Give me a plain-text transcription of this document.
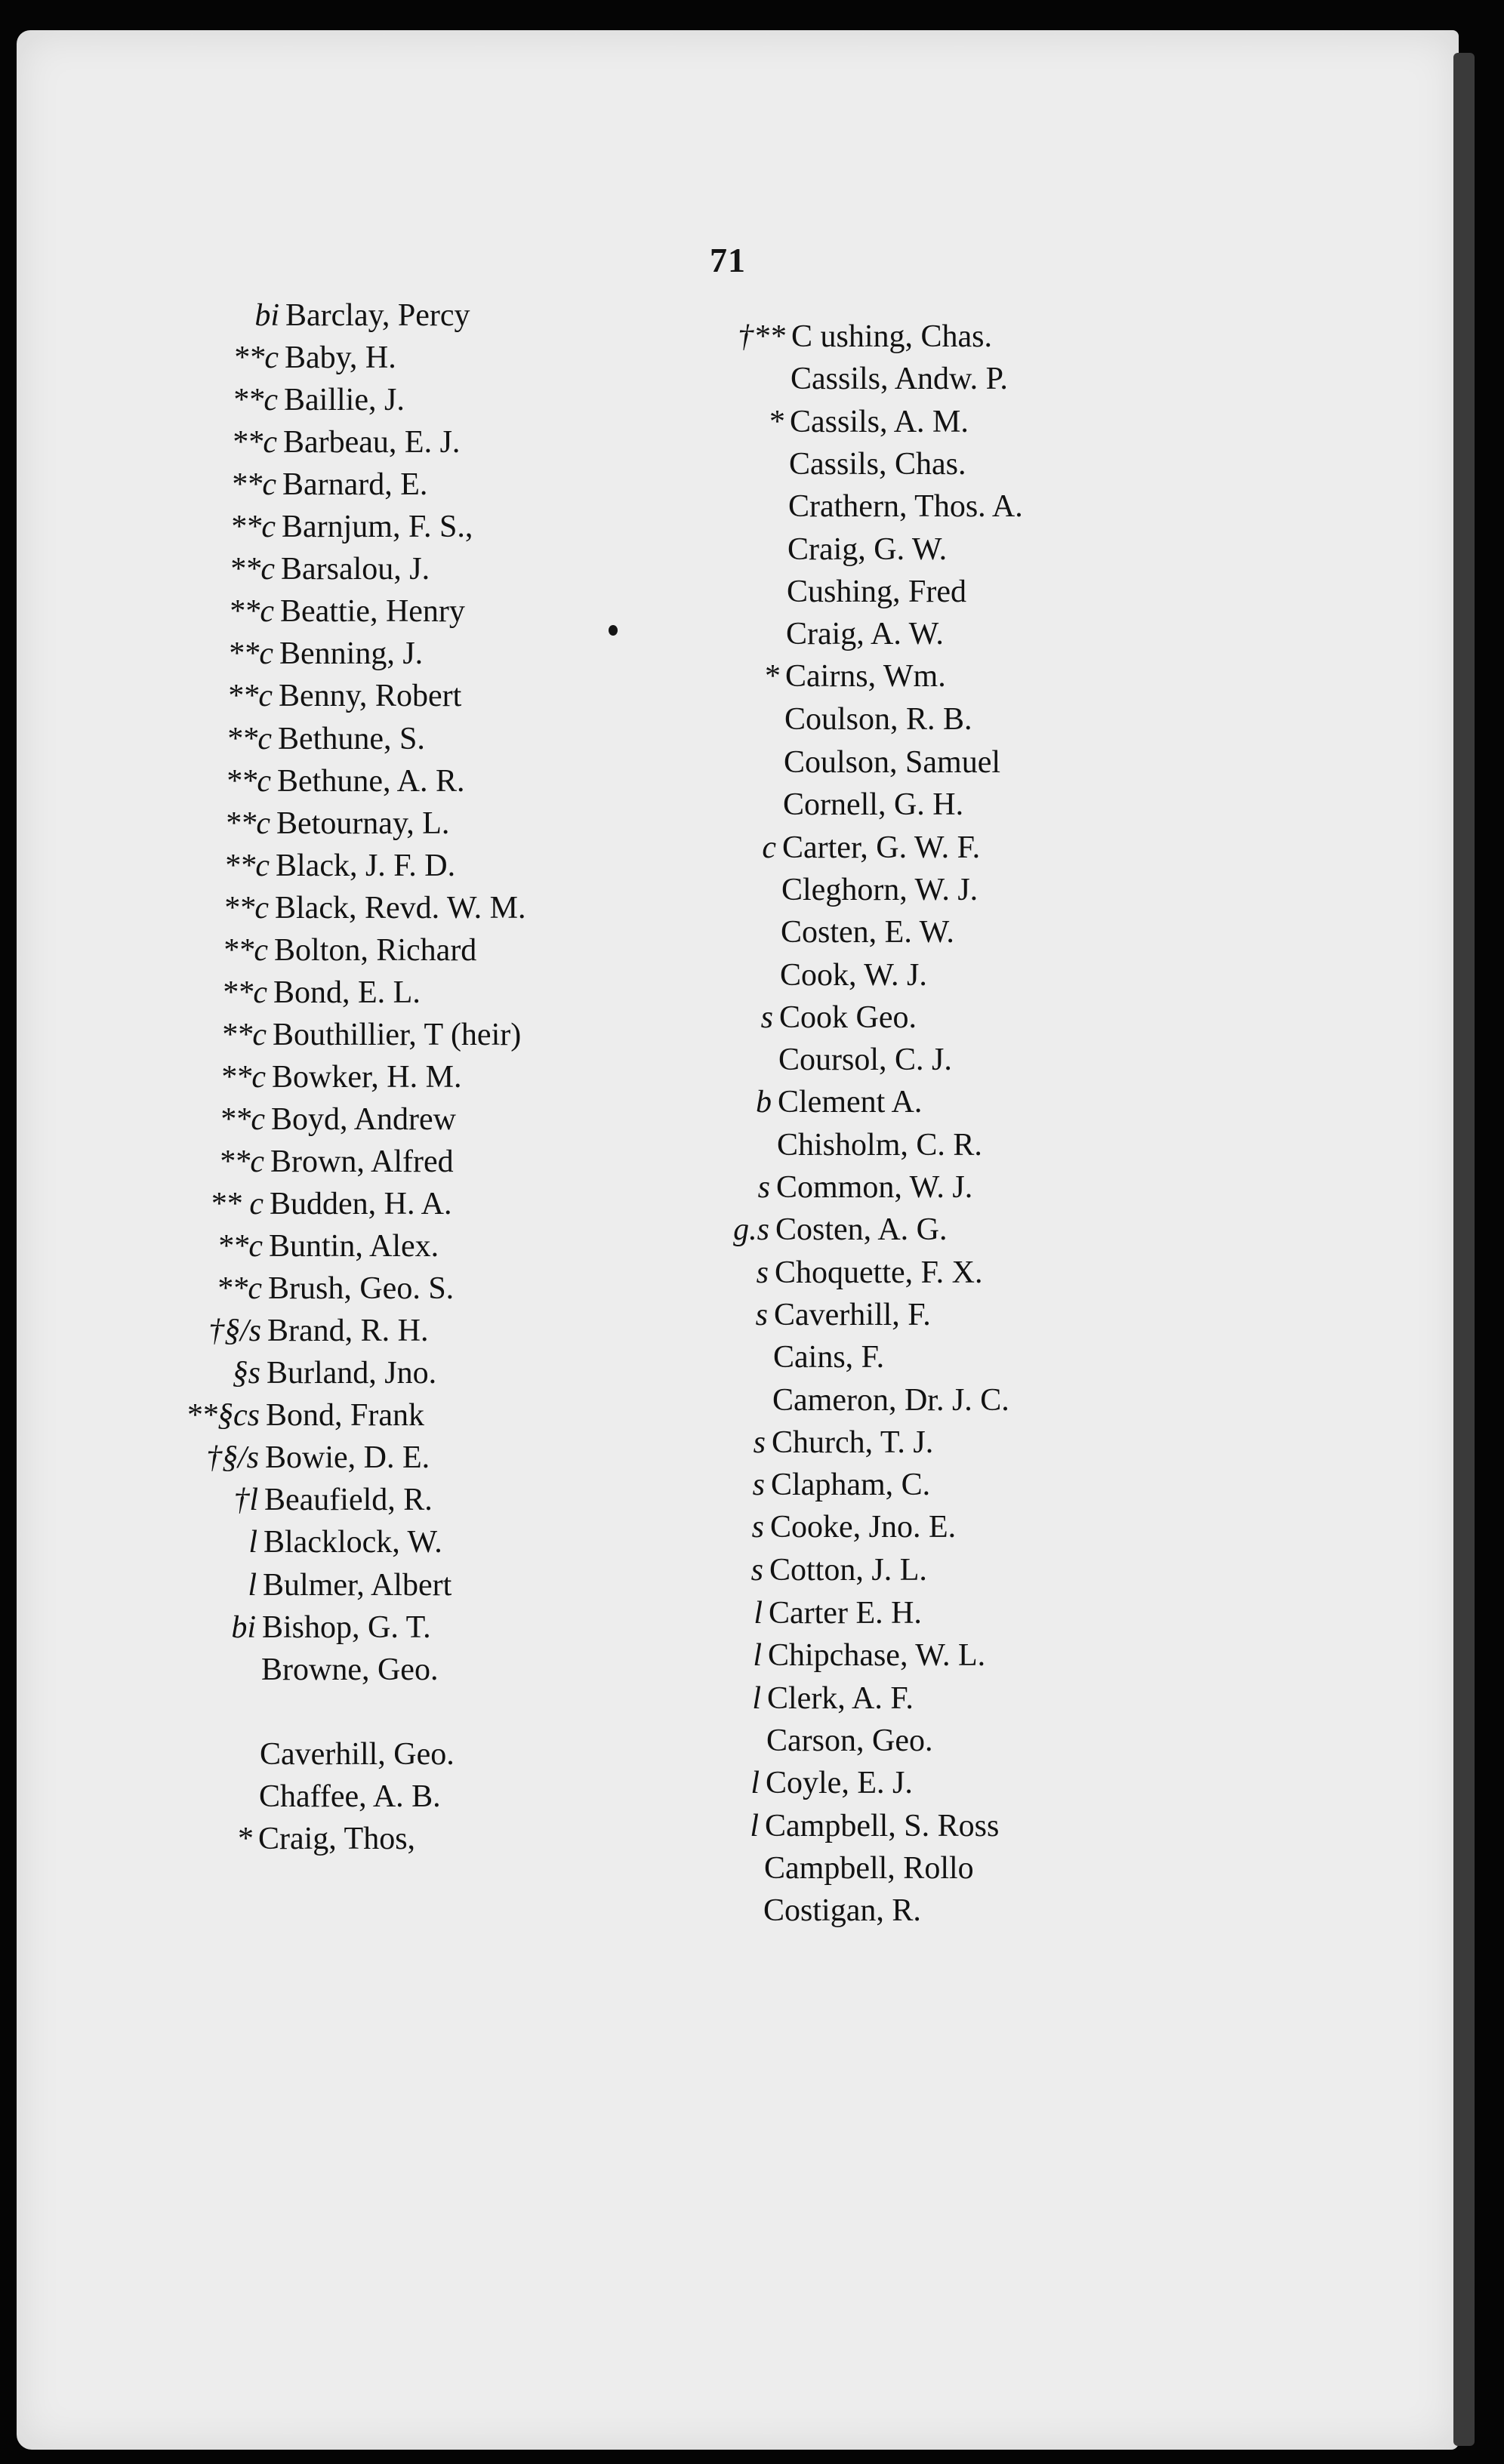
71
bi Barclay, Percy
**c Baby, H.
**c Baillie, J.
**c Barbeau, E. J.
**c Barnard, E.
**c Barnjum, F. S.,
**c Barsalou, J.
**c Beattie, Henry
**c Benning, J.
**c Benny, Robert
**c Bethune, S.
**c Bethune, A. R.
**c Betournay, L.
**c Black, J. F. D.
**c Black, Revd. W. M.
**c Bolton, Richard
**c Bond, E. L.
**c Bouthillier, T (heir)
**c Bowker, H. M.
**c Boyd, Andrew
**c Brown, Alfred
** c Budden, H. A.
**c Buntin, Alex.
**c Brush, Geo. S.
†§/s Brand, R. H.
§s Burland, Jno.
**§cs Bond, Frank
†§/s Bowie, D. E.
†l Beaufield, R.
l Blacklock, W.
l Bulmer, Albert
bi Bishop, G. T.
Browne, Geo.
Caverhill, Geo.
Chaffee, A. B.
* Craig, Thos,
†** C ushing, Chas.
Cassils, Andw. P.
* Cassils, A. M.
Cassils, Chas.
Crathern, Thos. A.
Craig, G. W.
Cushing, Fred
Craig, A. W.
* Cairns, Wm.
Coulson, R. B.
Coulson, Samuel
Cornell, G. H.
c Carter, G. W. F.
Cleghorn, W. J.
Costen, E. W.
Cook, W. J.
s Cook Geo.
Coursol, C. J.
b Clement A.
Chisholm, C. R.
s Common, W. J.
g.s Costen, A. G.
s Choquette, F. X.
s Caverhill, F.
Cains, F.
Cameron, Dr. J. C.
s Church, T. J.
s Clapham, C.
s Cooke, Jno. E.
s Cotton, J. L.
l Carter E. H.
l Chipchase, W. L.
l Clerk, A. F.
Carson, Geo.
l Coyle, E. J.
l Campbell, S. Ross
Campbell, Rollo
Costigan, R.
